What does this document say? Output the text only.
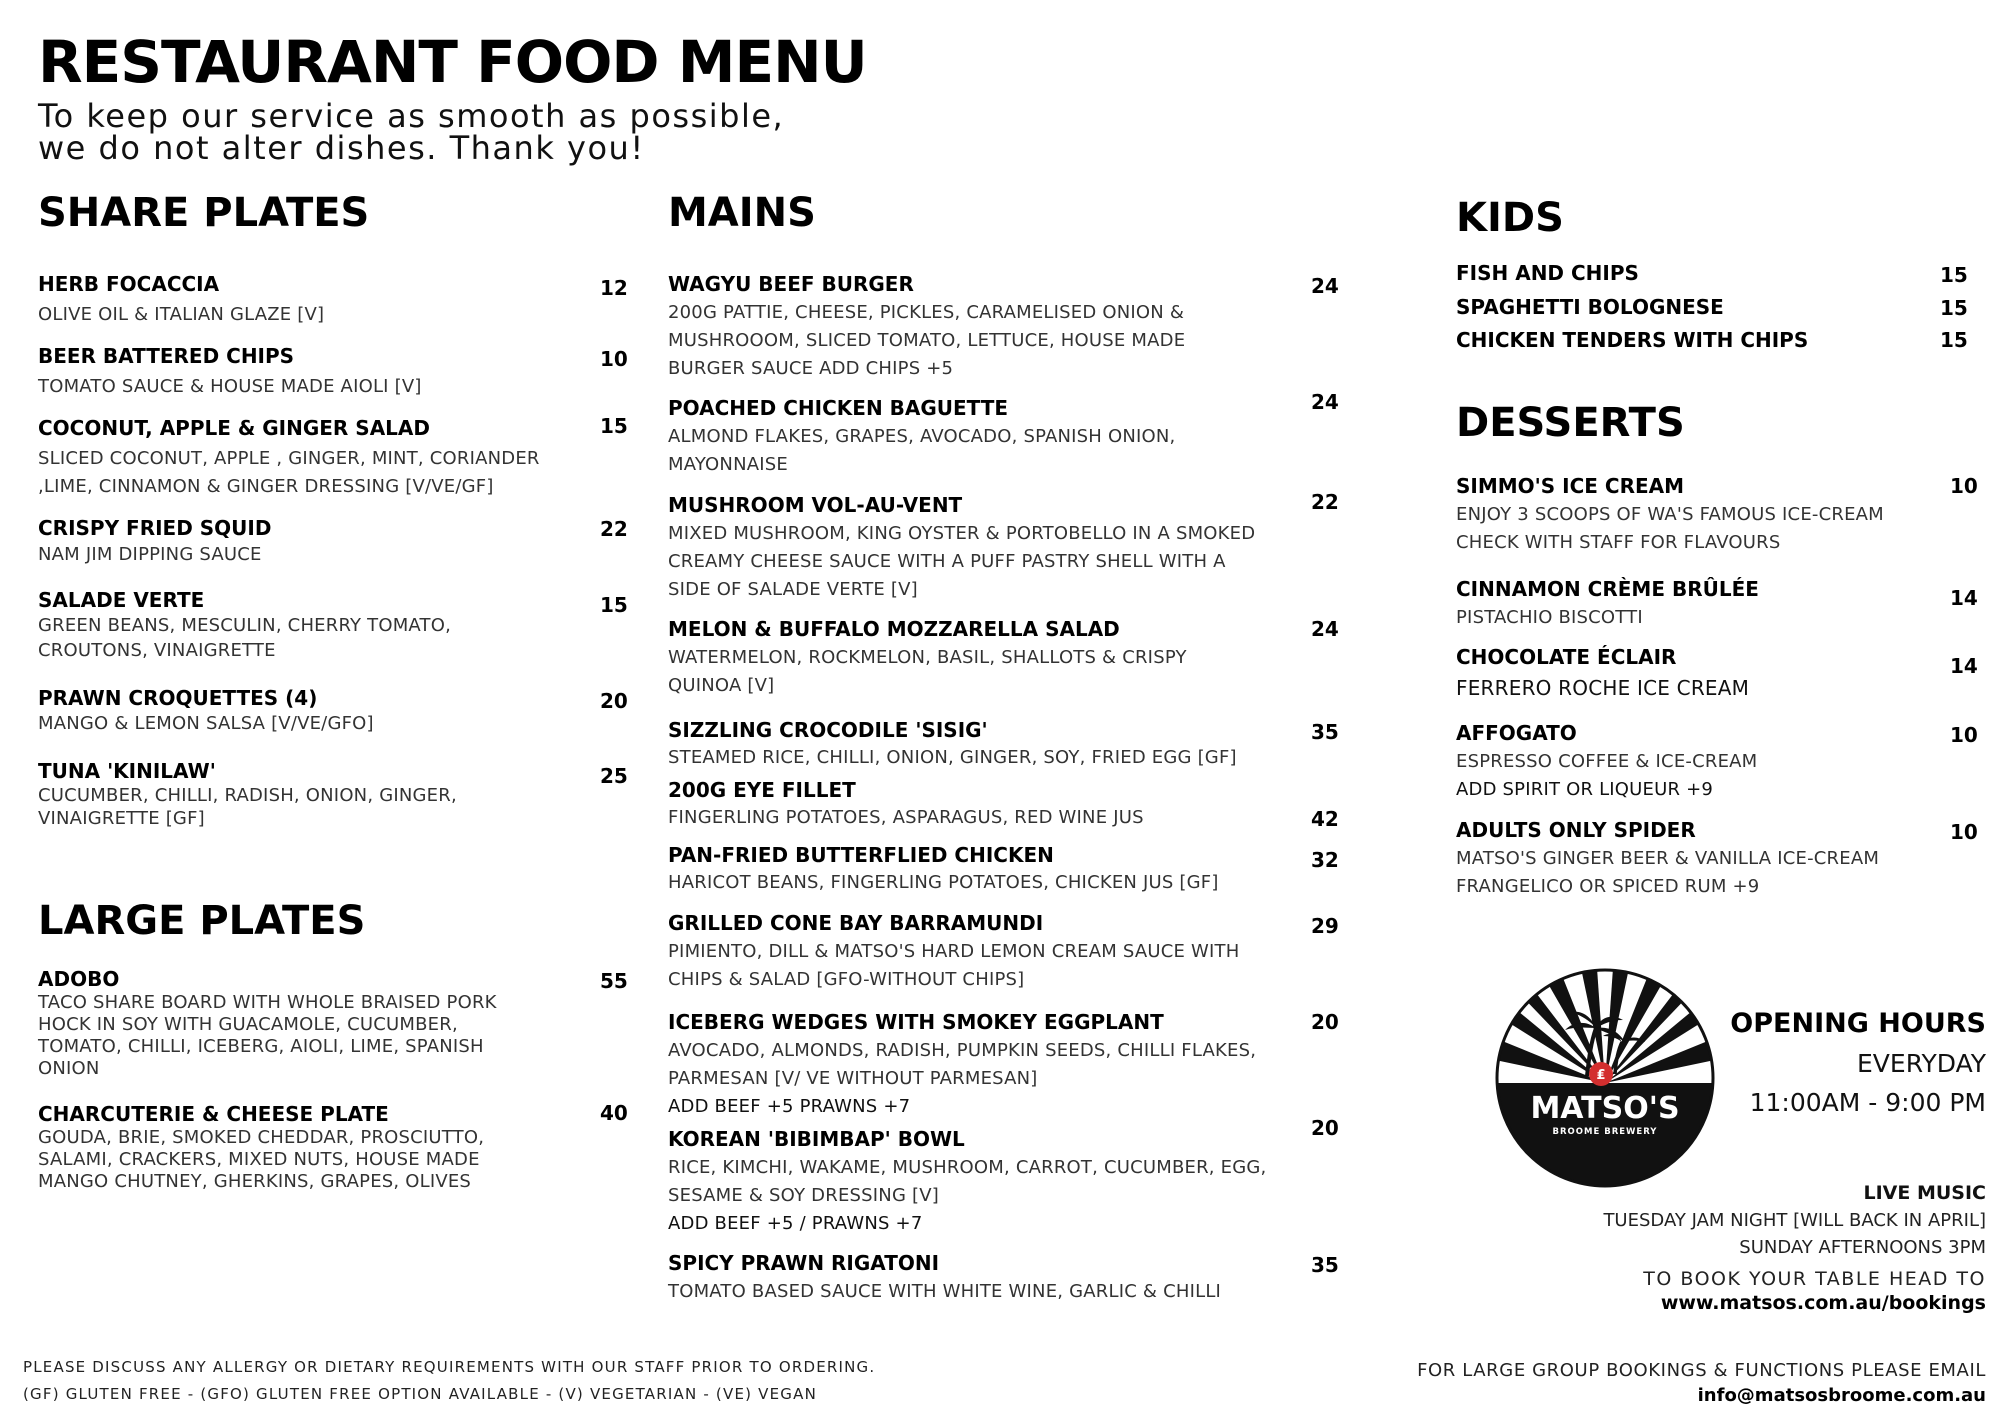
RESTAURANT FOOD MENU
To keep our service as smooth as possible,
we do not alter dishes. Thank you!
SHARE PLATES
LARGE PLATES
MAINS	KIDS
DESSERTS
HERB FOCACCIA
OLIVE OIL & ITALIAN GLAZE [V]
12
BEER BATTERED CHIPS
TOMATO SAUCE & HOUSE MADE AIOLI [V]
10
COCONUT, APPLE & GINGER SALAD
SLICED COCONUT, APPLE , GINGER, MINT, CORIANDER
,LIME, CINNAMON & GINGER DRESSING [V/VE/GF]
15
CRISPY FRIED SQUID
NAM JIM DIPPING SAUCE
22
SALADE VERTE
GREEN BEANS, MESCULIN, CHERRY TOMATO,
CROUTONS, VINAIGRETTE
15
PRAWN CROQUETTES (4)
MANGO & LEMON SALSA [V/VE/GFO]
20
TUNA 'KINILAW'
CUCUMBER, CHILLI, RADISH, ONION, GINGER,
VINAIGRETTE [GF]
25
ADOBO
TACO SHARE BOARD WITH WHOLE BRAISED PORK
HOCK IN SOY WITH GUACAMOLE, CUCUMBER,
TOMATO, CHILLI, ICEBERG, AIOLI, LIME, SPANISH
ONION
55
CHARCUTERIE & CHEESE PLATE
GOUDA, BRIE, SMOKED CHEDDAR, PROSCIUTTO,
SALAMI, CRACKERS, MIXED NUTS, HOUSE MADE
MANGO CHUTNEY, GHERKINS, GRAPES, OLIVES
40
WAGYU BEEF BURGER
200G PATTIE, CHEESE, PICKLES, CARAMELISED ONION &
MUSHROOOM, SLICED TOMATO, LETTUCE, HOUSE MADE
BURGER SAUCE ADD CHIPS +5
24
POACHED CHICKEN BAGUETTE
ALMOND FLAKES, GRAPES, AVOCADO, SPANISH ONION,
MAYONNAISE
24
MUSHROOM VOL-AU-VENT
MIXED MUSHROOM, KING OYSTER & PORTOBELLO IN A SMOKED
CREAMY CHEESE SAUCE WITH A PUFF PASTRY SHELL WITH A
SIDE OF SALADE VERTE [V]
22
MELON & BUFFALO MOZZARELLA SALAD
WATERMELON, ROCKMELON, BASIL, SHALLOTS & CRISPY
QUINOA [V]
24
SIZZLING CROCODILE 'SISIG'
STEAMED RICE, CHILLI, ONION, GINGER, SOY, FRIED EGG [GF]
35
200G EYE FILLET
FINGERLING POTATOES, ASPARAGUS, RED WINE JUS	42
PAN-FRIED BUTTERFLIED CHICKEN
HARICOT BEANS, FINGERLING POTATOES, CHICKEN JUS [GF]
32
GRILLED CONE BAY BARRAMUNDI
PIMIENTO, DILL & MATSO'S HARD LEMON CREAM SAUCE WITH
CHIPS & SALAD [GFO-WITHOUT CHIPS]
29
ICEBERG WEDGES WITH SMOKEY EGGPLANT
AVOCADO, ALMONDS, RADISH, PUMPKIN SEEDS, CHILLI FLAKES,
PARMESAN [V/ VE WITHOUT PARMESAN]
ADD BEEF +5 PRAWNS +7
20
KOREAN 'BIBIMBAP' BOWL
RICE, KIMCHI, WAKAME, MUSHROOM, CARROT, CUCUMBER, EGG,
SESAME & SOY DRESSING [V]
ADD BEEF +5 / PRAWNS +7
20
SPICY PRAWN RIGATONI
TOMATO BASED SAUCE WITH WHITE WINE, GARLIC & CHILLI
35
FISH AND CHIPS	15
SPAGHETTI BOLOGNESE	15
CHICKEN TENDERS WITH CHIPS	15
SIMMO'S ICE CREAM
ENJOY 3 SCOOPS OF WA'S FAMOUS ICE-CREAM
CHECK WITH STAFF FOR FLAVOURS
10
CINNAMON CRÈME BRÛLÉE
PISTACHIO BISCOTTI
14
CHOCOLATE ÉCLAIR
FERRERO ROCHE ICE CREAM
14
AFFOGATO
ESPRESSO COFFEE & ICE-CREAM
ADD SPIRIT OR LIQUEUR +9
10
ADULTS ONLY SPIDER
MATSO'S GINGER BEER & VANILLA ICE-CREAM
FRANGELICO OR SPICED RUM +9
10
₤
MATSO'S
BROOME BREWERY
OPENING HOURS
EVERYDAY
11:00AM - 9:00 PM
LIVE MUSIC
TUESDAY JAM NIGHT [WILL BACK IN APRIL]
SUNDAY AFTERNOONS 3PM
TO BOOK YOUR TABLE HEAD TO
www.matsos.com.au/bookings
PLEASE DISCUSS ANY ALLERGY OR DIETARY REQUIREMENTS WITH OUR STAFF PRIOR TO ORDERING.
(GF) GLUTEN FREE - (GFO) GLUTEN FREE OPTION AVAILABLE - (V) VEGETARIAN - (VE) VEGAN
FOR LARGE GROUP BOOKINGS & FUNCTIONS PLEASE EMAIL
info@matsosbroome.com.au
